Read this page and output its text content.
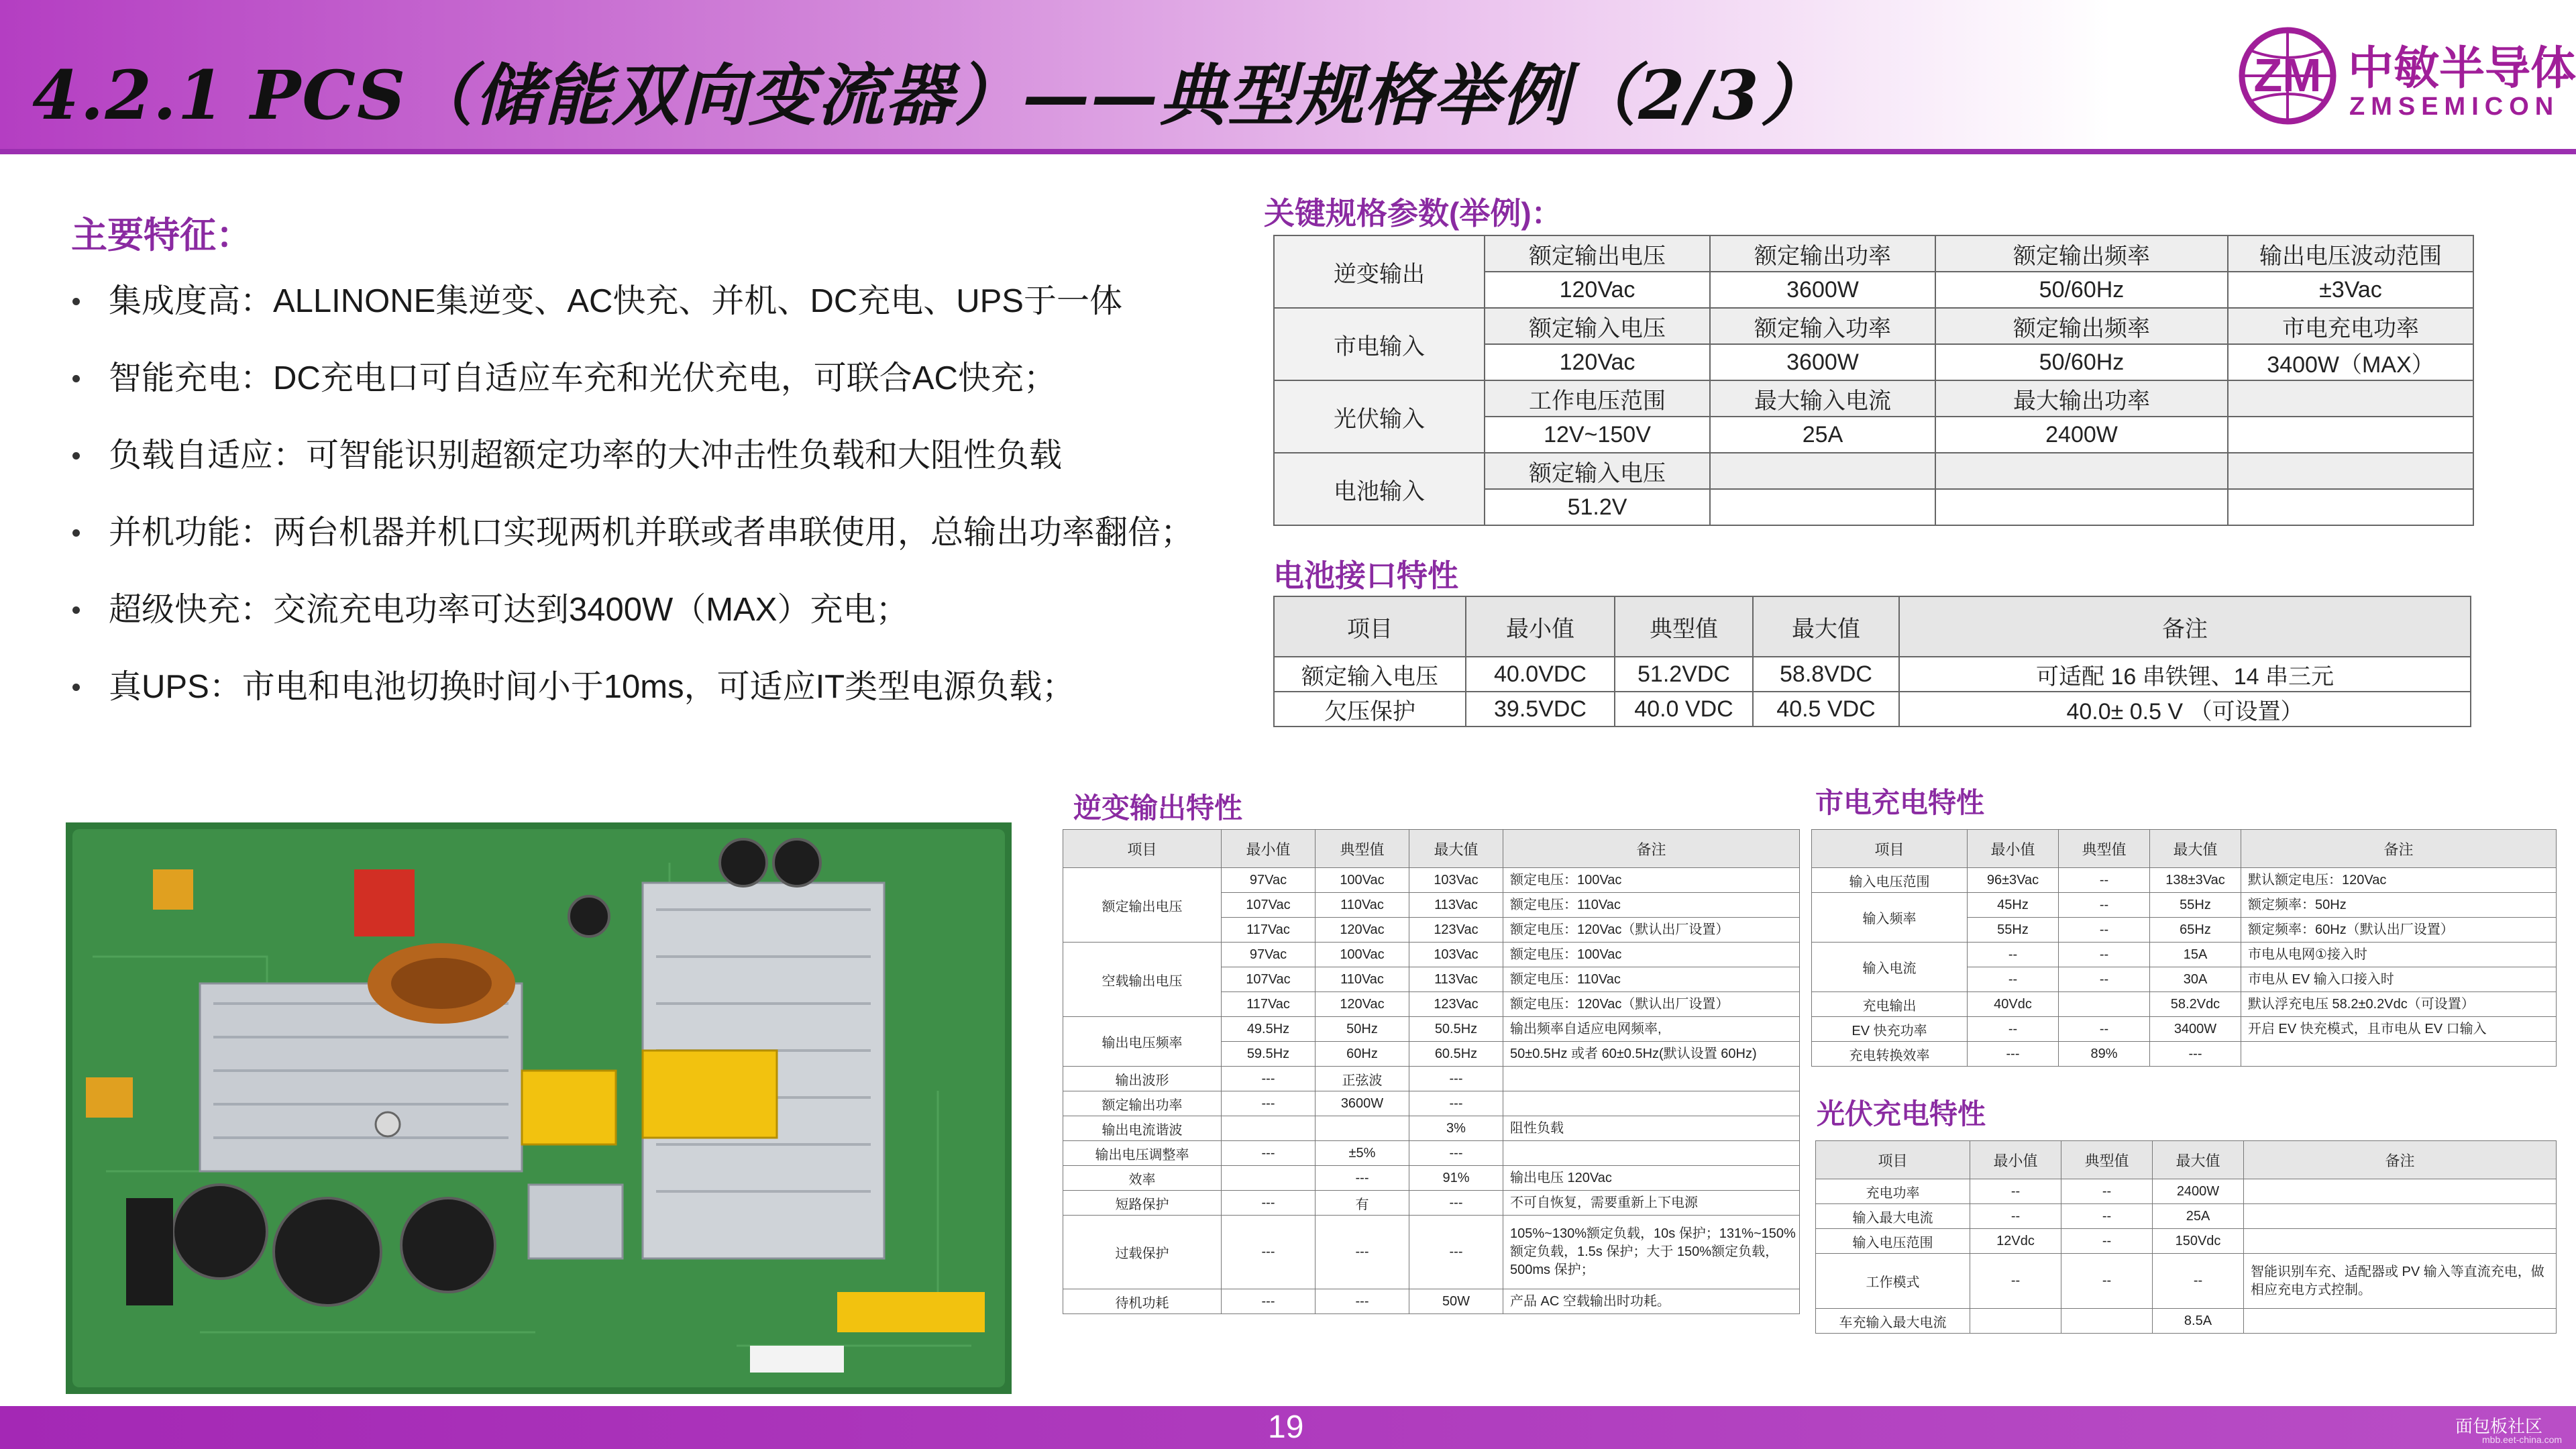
4.2.1 PCS（储能双向变流器）——典型规格举例（2/3）	ZM 中敏半导体
ZMSEMICON
主要特征：
集成度高：ALLINONE集逆变、AC快充、并机、DC充电、UPS于一体
智能充电：DC充电口可自适应车充和光伏充电，可联合AC快充；
负载自适应：可智能识别超额定功率的大冲击性负载和大阻性负载
并机功能：两台机器并机口实现两机并联或者串联使用，总输出功率翻倍；
超级快充：交流充电功率可达到3400W（MAX）充电；
真UPS：市电和电池切换时间小于10ms，可适应IT类型电源负载；
关键规格参数(举例)：
逆变输出	额定输出电压	额定输出功率	额定输出频率	输出电压波动范围
	120Vac	3600W	50/60Hz	±3Vac
市电输入	额定输入电压	额定输入功率	额定输出频率	市电充电功率
	120Vac	3600W	50/60Hz	3400W（MAX）
光伏输入	工作电压范围	最大输入电流	最大输出功率	
	12V~150V	25A	2400W	
电池输入	额定输入电压			
	51.2V			
电池接口特性
项目	最小值	典型值	最大值	备注
额定输入电压	40.0VDC	51.2VDC	58.8VDC	可适配 16 串铁锂、14 串三元
欠压保护	39.5VDC	40.0 VDC	40.5 VDC	40.0± 0.5 V （可设置）
逆变输出特性
项目	最小值	典型值	最大值	备注
额定输出电压	97Vac	100Vac	103Vac	额定电压：100Vac
	107Vac	110Vac	113Vac	额定电压：110Vac
	117Vac	120Vac	123Vac	额定电压：120Vac（默认出厂设置）
空载输出电压	97Vac	100Vac	103Vac	额定电压：100Vac
	107Vac	110Vac	113Vac	额定电压：110Vac
	117Vac	120Vac	123Vac	额定电压：120Vac（默认出厂设置）
输出电压频率	49.5Hz	50Hz	50.5Hz	输出频率自适应电网频率,
	59.5Hz	60Hz	60.5Hz	50±0.5Hz 或者 60±0.5Hz(默认设置 60Hz)
输出波形	---	正弦波	---	
额定输出功率	---	3600W	---	
输出电流谐波			3%	阻性负载
输出电压调整率	---	±5%	---	
效率		---	91%	输出电压 120Vac
短路保护	---	有	---	不可自恢复，需要重新上下电源
过载保护	---	---	---	105%~130%额定负载，10s 保护；131%~150%额定负载，1.5s 保护；大于 150%额定负载，500ms 保护；
待机功耗	---	---	50W	产品 AC 空载输出时功耗。
市电充电特性
项目	最小值	典型值	最大值	备注
输入电压范围	96±3Vac	--	138±3Vac	默认额定电压：120Vac
输入频率	45Hz	--	55Hz	额定频率：50Hz
	55Hz	--	65Hz	额定频率：60Hz（默认出厂设置）
输入电流	--	--	15A	市电从电网①接入时
	--	--	30A	市电从 EV 输入口接入时
充电输出	40Vdc		58.2Vdc	默认浮充电压 58.2±0.2Vdc（可设置）
EV 快充功率	--	--	3400W	开启 EV 快充模式，且市电从 EV 口输入
充电转换效率	---	89%	---	
光伏充电特性
项目	最小值	典型值	最大值	备注
充电功率	--	--	2400W	
输入最大电流	--	--	25A	
输入电压范围	12Vdc	--	150Vdc	
工作模式	--	--	--	智能识别车充、适配器或 PV 输入等直流充电，做相应充电方式控制。
车充输入最大电流			8.5A	
19	面包板社区
mbb.eet-china.com
